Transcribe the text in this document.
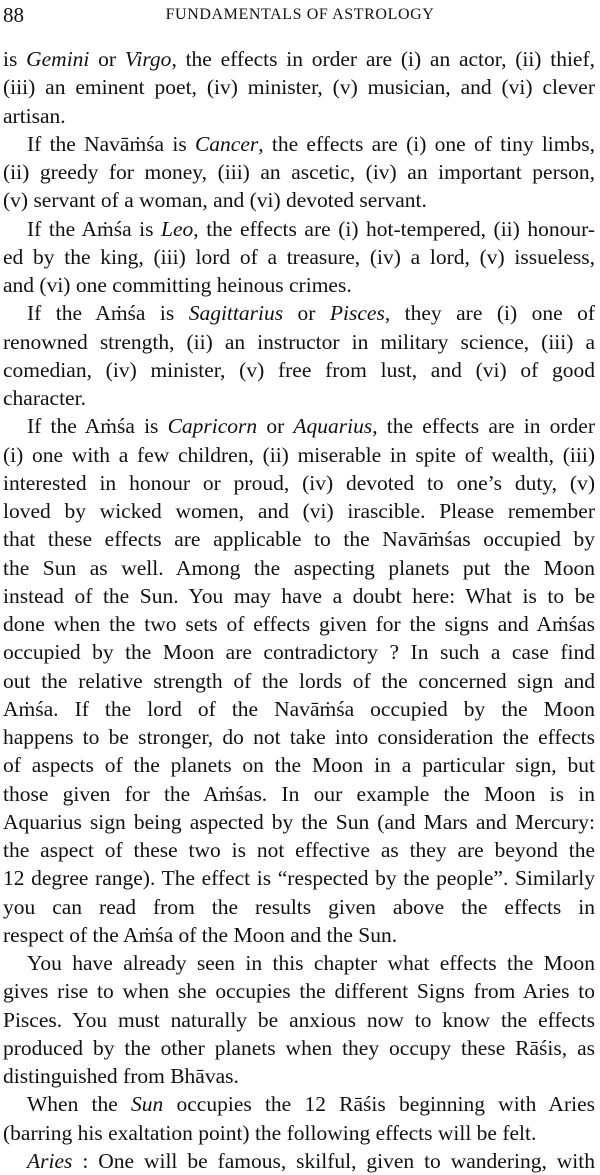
88	FUNDAMENTALS OF ASTROLOGY
is Gemini or Virgo, the effects in order are (i) an actor, (ii) thief,
(iii) an eminent poet, (iv) minister, (v) musician, and (vi) clever
artisan.
If the Navāṁśa is Cancer, the effects are (i) one of tiny limbs,
(ii) greedy for money, (iii) an ascetic, (iv) an important person,
(v) servant of a woman, and (vi) devoted servant.
If the Aṁśa is Leo, the effects are (i) hot-tempered, (ii) honour-
ed by the king, (iii) lord of a treasure, (iv) a lord, (v) issueless,
and (vi) one committing heinous crimes.
If the Aṁśa is Sagittarius or Pisces, they are (i) one of
renowned strength, (ii) an instructor in military science, (iii) a
comedian, (iv) minister, (v) free from lust, and (vi) of good
character.
If the Aṁśa is Capricorn or Aquarius, the effects are in order
(i) one with a few children, (ii) miserable in spite of wealth, (iii)
interested in honour or proud, (iv) devoted to one’s duty, (v)
loved by wicked women, and (vi) irascible. Please remember
that these effects are applicable to the Navāṁśas occupied by
the Sun as well. Among the aspecting planets put the Moon
instead of the Sun. You may have a doubt here: What is to be
done when the two sets of effects given for the signs and Aṁśas
occupied by the Moon are contradictory ? In such a case find
out the relative strength of the lords of the concerned sign and
Aṁśa. If the lord of the Navāṁśa occupied by the Moon
happens to be stronger, do not take into consideration the effects
of aspects of the planets on the Moon in a particular sign, but
those given for the Aṁśas. In our example the Moon is in
Aquarius sign being aspected by the Sun (and Mars and Mercury:
the aspect of these two is not effective as they are beyond the
12 degree range). The effect is “respected by the people”. Similarly
you can read from the results given above the effects in
respect of the Aṁśa of the Moon and the Sun.
You have already seen in this chapter what effects the Moon
gives rise to when she occupies the different Signs from Aries to
Pisces. You must naturally be anxious now to know the effects
produced by the other planets when they occupy these Rāśis, as
distinguished from Bhāvas.
When the Sun occupies the 12 Rāśis beginning with Aries
(barring his exaltation point) the following effects will be felt.
Aries : One will be famous, skilful, given to wandering, with
